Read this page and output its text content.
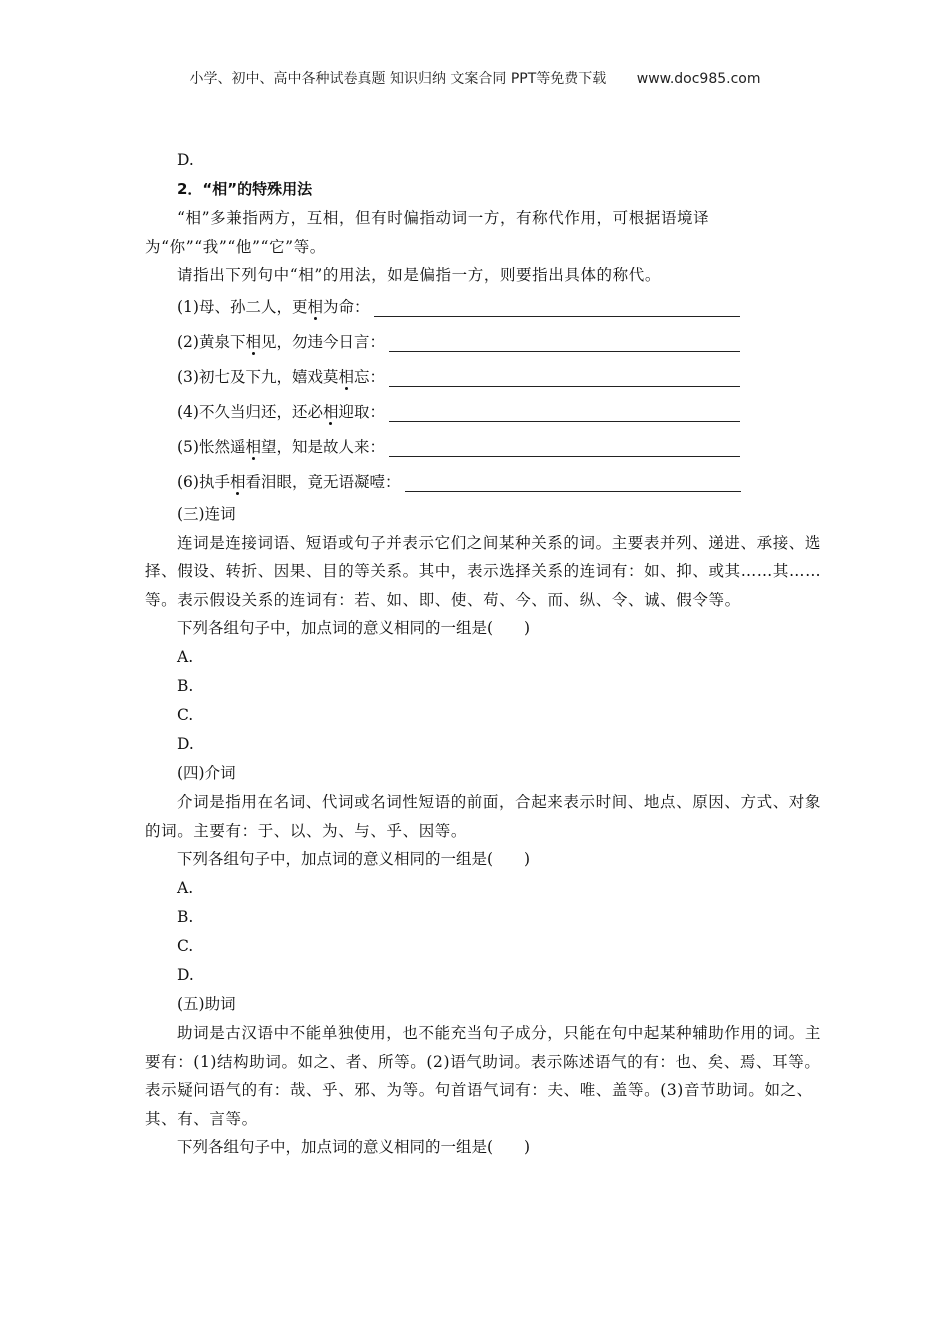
小学、初中、高中各种试卷真题 知识归纳 文案合同 PPT等免费下载 www.doc985.com
D.
2．“相”的特殊用法
“相”多兼指两方，互相，但有时偏指动词一方，有称代作用，可根据语境译为“你”“我”“他”“它”等。
请指出下列句中“相”的用法，如是偏指一方，则要指出具体的称代。
(1)母、孙二人，更相为命：
(2)黄泉下相见，勿违今日言：
(3)初七及下九，嬉戏莫相忘：
(4)不久当归还，还必相迎取：
(5)怅然遥相望，知是故人来：
(6)执手相看泪眼，竟无语凝噎：
(三)连词
连词是连接词语、短语或句子并表示它们之间某种关系的词。主要表并列、递进、承接、选择、假设、转折、因果、目的等关系。其中，表示选择关系的连词有：如、抑、或其……其……等。表示假设关系的连词有：若、如、即、使、苟、今、而、纵、令、诚、假令等。
下列各组句子中，加点词的意义相同的一组是(　　)
A.
B.
C.
D.
(四)介词
介词是指用在名词、代词或名词性短语的前面，合起来表示时间、地点、原因、方式、对象的词。主要有：于、以、为、与、乎、因等。
下列各组句子中，加点词的意义相同的一组是(　　)
A.
B.
C.
D.
(五)助词
助词是古汉语中不能单独使用，也不能充当句子成分，只能在句中起某种辅助作用的词。主要有：(1)结构助词。如之、者、所等。(2)语气助词。表示陈述语气的有：也、矣、焉、耳等。表示疑问语气的有：哉、乎、邪、为等。句首语气词有：夫、唯、盖等。(3)音节助词。如之、其、有、言等。
下列各组句子中，加点词的意义相同的一组是(　　)
